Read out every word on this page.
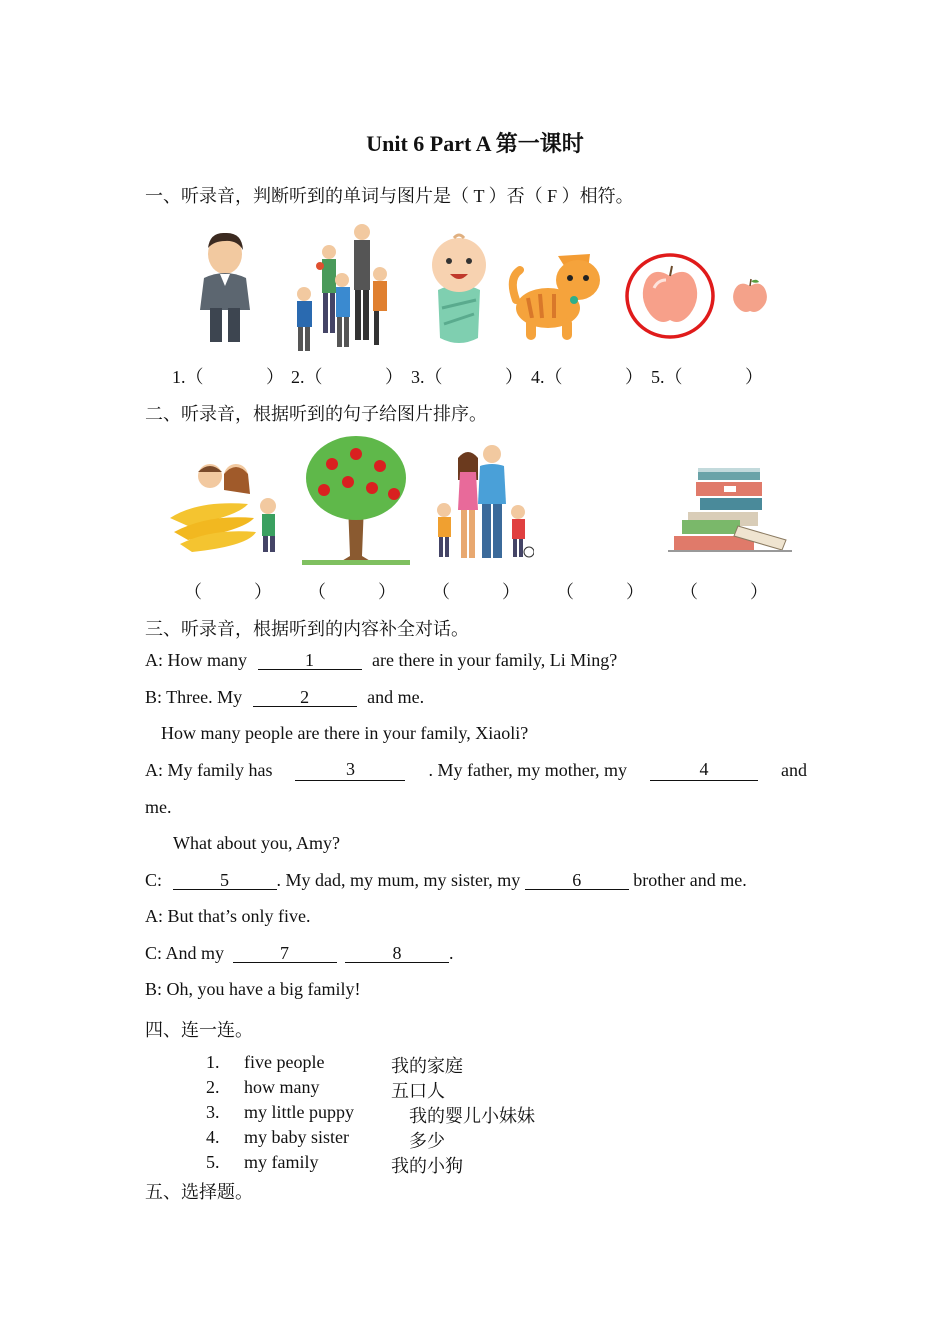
Unit 6 Part A 第一课时
一、听录音，判断听到的单词与图片是（ T ）否（ F ）相符。
1.（	） 2.（	） 3.（	） 4.（	） 5.（	）
二、听录音，根据听到的句子给图片排序。
（	） （	） （	） （	） （	）
三、听录音，根据听到的内容补全对话。
A: How many	1	are there in your family, Li Ming?
B: Three. My	2	and me.
How many people are there in your family, Xiaoli?
A: My family has	3	. My father, my mother, my	4	and
me.
What about you, Amy?
C:	5	. My dad, my mum, my sister, my	6	brother and me.
A: But that’s only five.
C: And my	7	8	.
B: Oh, you have a big family!
四、连一连。
1. five people	我的家庭
2. how many	五口人
3. my little puppy	我的婴儿小妹妹
4. my baby sister	多少
5. my family	我的小狗
五、选择题。
